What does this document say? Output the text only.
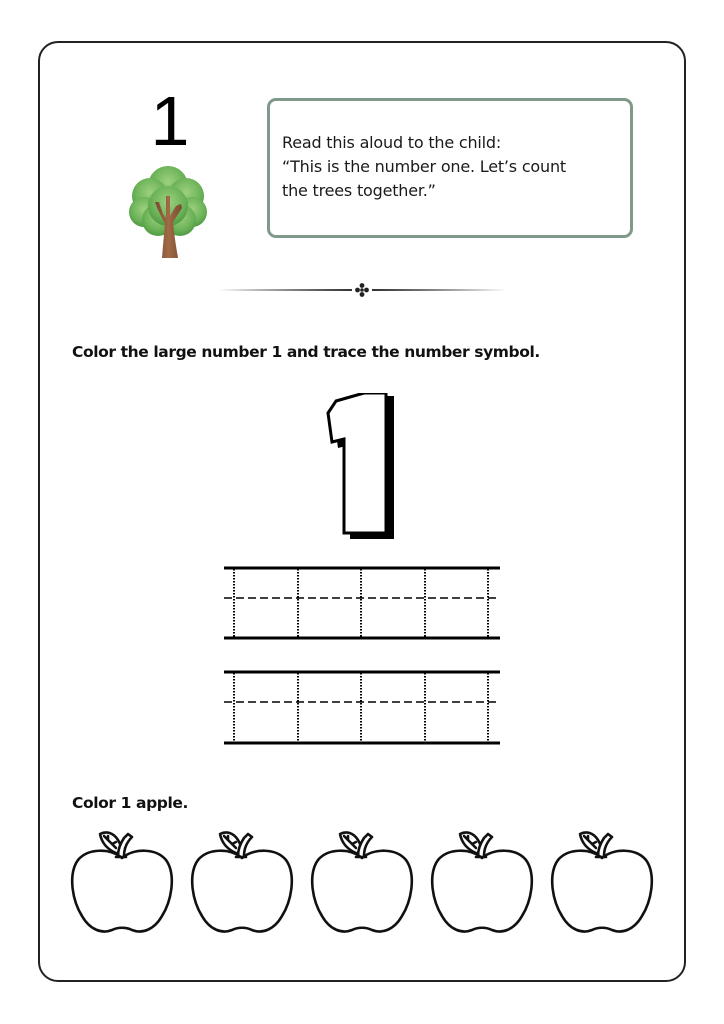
1	Read this aloud to the child:

“This is the number one. Let’s count

the trees together.”

Color the large number 1 and trace the number symbol.
Color 1 apple.
